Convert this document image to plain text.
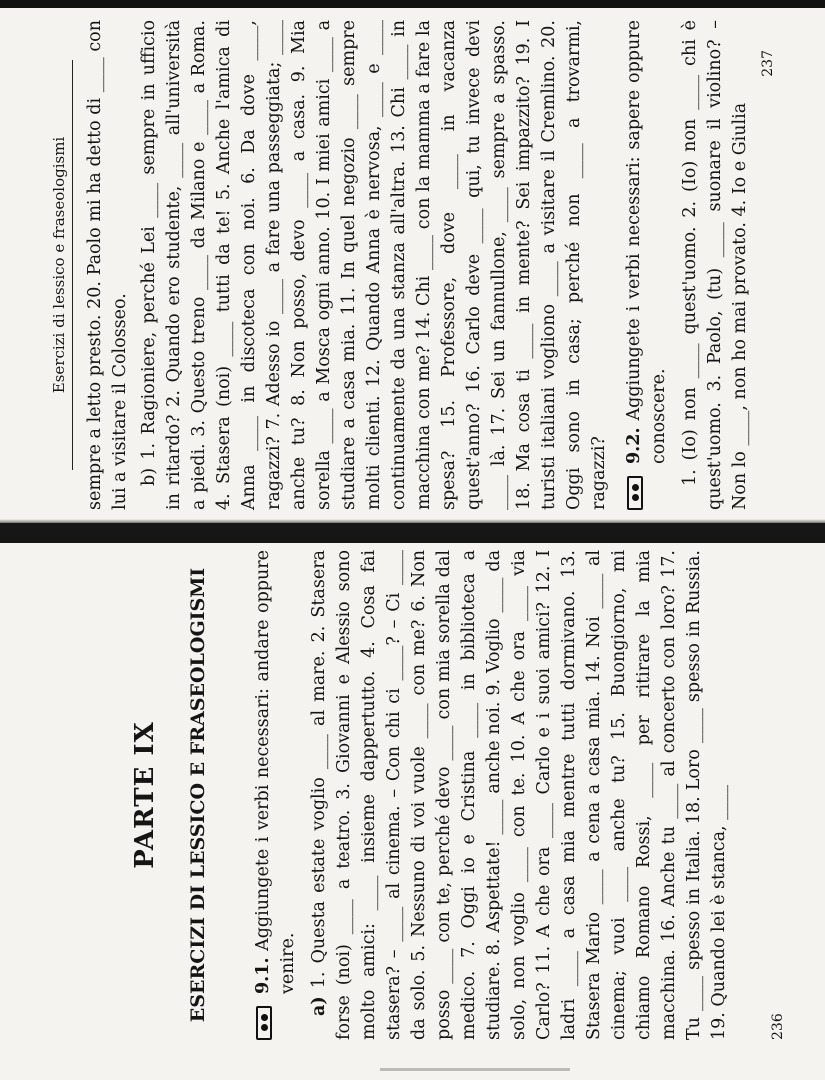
Esercizi di lessico e fraseologismi sempre a letto presto. 20. Paolo mi ha detto di ____ con lui a visitare il Colosseo. b) 1. Ragioniere, perché Lei ____ sempre in ufficio in ritardo? 2. Quando ero studente, ____ all'università a piedi. 3. Questo treno ____ da Milano e ____ a Roma. 4. Stasera (noi) ____ tutti da te! 5. Anche l'amica di Anna ____ in discoteca con noi. 6. Da dove ____, ragazzi? 7. Adesso io ____ a fare una passeggiata; ____ anche tu? 8. Non posso, devo ____ a casa. 9. Mia sorella ____ a Mosca ogni anno. 10. I miei amici ____ a studiare a casa mia. 11. In quel negozio ____ sempre molti clienti. 12. Quando Anna è nervosa, ____ e ____ continuamente da una stanza all'altra. 13. Chi ____ in macchina con me? 14. Chi ____ con la mamma a fare la spesa? 15. Professore, dove ____ in vacanza quest'anno? 16. Carlo deve ____ qui, tu invece devi ____ là. 17. Sei un fannullone, ____ sempre a spasso. 18. Ma cosa ti ____ in mente? Sei impazzito? 19. I turisti italiani vogliono ____ a visitare il Cremlino. 20. Oggi sono in casa; perché non ____ a trovarmi, ragazzi? 9.2. Aggiungete i verbi necessari: sapere oppure conoscere. 1. (Io) non ____ quest'uomo. 2. (Io) non ____ chi è quest'uomo. 3. Paolo, (tu) ____ suonare il violino? – Non lo ____, non ho mai provato. 4. Io e Giulia

237
PARTE IX ESERCIZI DI LESSICO E FRASEOLOGISMI	9.1. Aggiungete i verbi necessari: andare oppure venire.

a) 1. Questa estate voglio ____ al mare. 2. Stasera forse (noi) ____ a teatro. 3. Giovanni e Alessio sono molto amici: ____ insieme dappertutto. 4. Cosa fai stasera? – ____ al cinema. – Con chi ci ____? – Ci ____ da solo. 5. Nessuno di voi vuole ____ con me? 6. Non posso ____ con te, perché devo ____ con mia sorella dal medico. 7. Oggi io e Cristina ____ in biblioteca a studiare. 8. Aspettate! ____ anche noi. 9. Voglio ____ da solo, non voglio ____ con te. 10. A che ora ____ via Carlo? 11. A che ora ____ Carlo e i suoi amici? 12. I ladri ____ a casa mia mentre tutti dormivano. 13. Stasera Mario ____ a cena a casa mia. 14. Noi ____ al cinema; vuoi ____ anche tu? 15. Buongiorno, mi chiamo Romano Rossi, ____ per ritirare la mia macchina. 16. Anche tu ____ al concerto con loro? 17. Tu ____ spesso in Italia. 18. Loro ____ spesso in Russia. 19. Quando lei è stanca, ____	236
